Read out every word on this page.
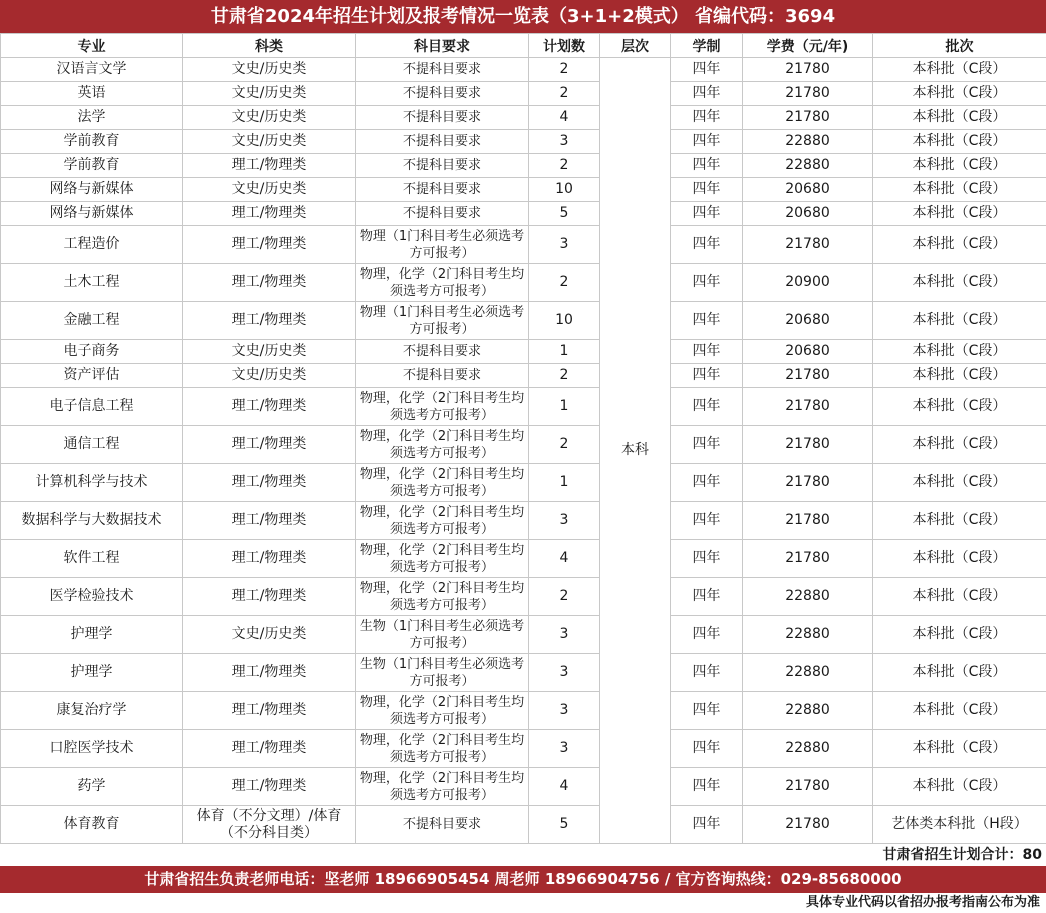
甘肃省2024年招生计划及报考情况一览表（3+1+2模式） 省编代码：3694
专业	科类	科目要求	计划数	层次	学制	学费（元/年)	批次
汉语言文学	文史/历史类	不提科目要求	2	本科	四年	21780	本科批（C段）
英语	文史/历史类	不提科目要求	2		四年	21780	本科批（C段）
法学	文史/历史类	不提科目要求	4		四年	21780	本科批（C段）
学前教育	文史/历史类	不提科目要求	3		四年	22880	本科批（C段）
学前教育	理工/物理类	不提科目要求	2		四年	22880	本科批（C段）
网络与新媒体	文史/历史类	不提科目要求	10		四年	20680	本科批（C段）
网络与新媒体	理工/物理类	不提科目要求	5		四年	20680	本科批（C段）
工程造价	理工/物理类	物理（1门科目考生必须选考方可报考）	3		四年	21780	本科批（C段）
土木工程	理工/物理类	物理，化学（2门科目考生均须选考方可报考）	2		四年	20900	本科批（C段）
金融工程	理工/物理类	物理（1门科目考生必须选考方可报考）	10		四年	20680	本科批（C段）
电子商务	文史/历史类	不提科目要求	1		四年	20680	本科批（C段）
资产评估	文史/历史类	不提科目要求	2		四年	21780	本科批（C段）
电子信息工程	理工/物理类	物理，化学（2门科目考生均须选考方可报考）	1		四年	21780	本科批（C段）
通信工程	理工/物理类	物理，化学（2门科目考生均须选考方可报考）	2		四年	21780	本科批（C段）
计算机科学与技术	理工/物理类	物理，化学（2门科目考生均须选考方可报考）	1		四年	21780	本科批（C段）
数据科学与大数据技术	理工/物理类	物理，化学（2门科目考生均须选考方可报考）	3		四年	21780	本科批（C段）
软件工程	理工/物理类	物理，化学（2门科目考生均须选考方可报考）	4		四年	21780	本科批（C段）
医学检验技术	理工/物理类	物理，化学（2门科目考生均须选考方可报考）	2		四年	22880	本科批（C段）
护理学	文史/历史类	生物（1门科目考生必须选考方可报考）	3		四年	22880	本科批（C段）
护理学	理工/物理类	生物（1门科目考生必须选考方可报考）	3		四年	22880	本科批（C段）
康复治疗学	理工/物理类	物理，化学（2门科目考生均须选考方可报考）	3		四年	22880	本科批（C段）
口腔医学技术	理工/物理类	物理，化学（2门科目考生均须选考方可报考）	3		四年	22880	本科批（C段）
药学	理工/物理类	物理，化学（2门科目考生均须选考方可报考）	4		四年	21780	本科批（C段）
体育教育	体育（不分文理）/体育（不分科目类）	不提科目要求	5		四年	21780	艺体类本科批（H段）
甘肃省招生计划合计：80
甘肃省招生负责老师电话：坚老师 18966905454 周老师 18966904756 / 官方咨询热线：029-85680000
具体专业代码以省招办报考指南公布为准
